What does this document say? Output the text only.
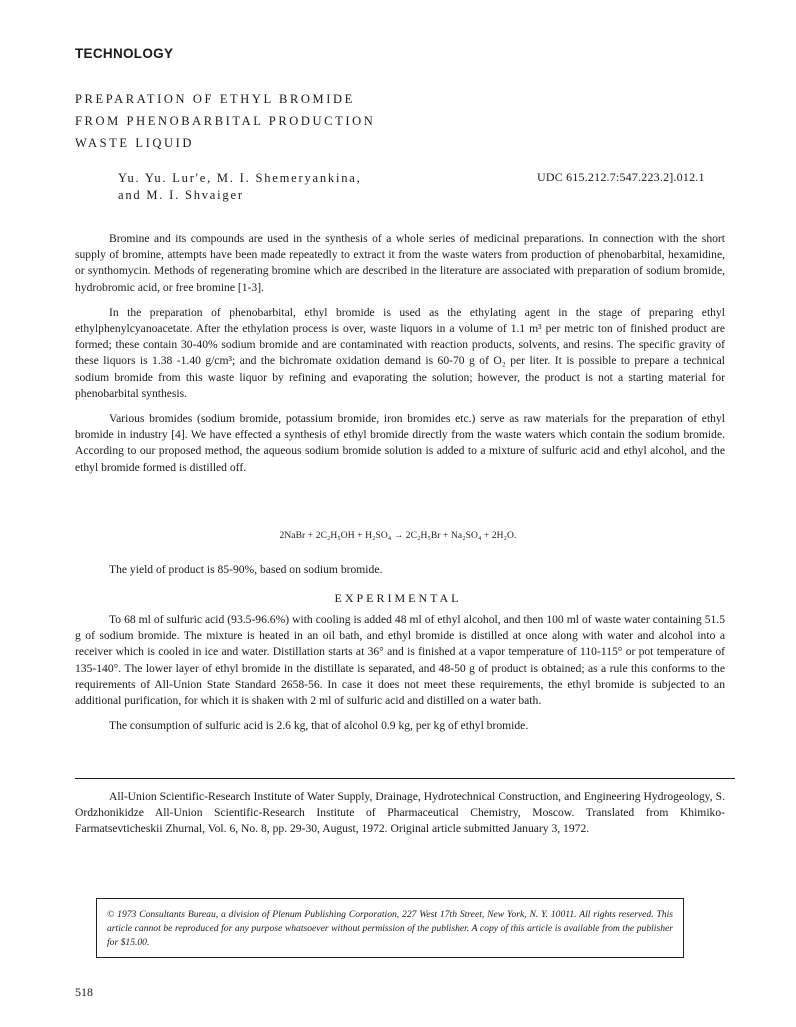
TECHNOLOGY
PREPARATION OF ETHYL BROMIDE
FROM PHENOBARBITAL PRODUCTION
WASTE LIQUID
Yu. Yu. Lur'e, M. I. Shemeryankina,
and M. I. Shvaiger
UDC 615.212.7:547.223.2].012.1

Bromine and its compounds are used in the synthesis of a whole series of medicinal preparations. In connection with the short supply of bromine, attempts have been made repeatedly to extract it from the waste waters from production of phenobarbital, hexamidine, or synthomycin. Methods of regenerating bromine which are described in the literature are associated with preparation of sodium bromide, hydrobromic acid, or free bromine [1-3].

In the preparation of phenobarbital, ethyl bromide is used as the ethylating agent in the stage of preparing ethyl ethylphenylcyanoacetate. After the ethylation process is over, waste liquors in a volume of 1.1 m³ per metric ton of finished product are formed; these contain 30-40% sodium bromide and are contaminated with reaction products, solvents, and resins. The specific gravity of these liquors is 1.38 -1.40 g/cm³; and the bichromate oxidation demand is 60-70 g of O₂ per liter. It is possible to prepare a technical sodium bromide from this waste liquor by refining and evaporating the solution; however, the product is not a starting material for phenobarbital synthesis.

Various bromides (sodium bromide, potassium bromide, iron bromides etc.) serve as raw materials for the preparation of ethyl bromide in industry [4]. We have effected a synthesis of ethyl bromide directly from the waste waters which contain the sodium bromide. According to our proposed method, the aqueous sodium bromide solution is added to a mixture of sulfuric acid and ethyl alcohol, and the ethyl bromide formed is distilled off.

2NaBr + 2C₂H₅OH + H₂SO₄ → 2C₂H₅Br + Na₂SO₄ + 2H₂O.

The yield of product is 85-90%, based on sodium bromide.

EXPERIMENTAL

To 68 ml of sulfuric acid (93.5-96.6%) with cooling is added 48 ml of ethyl alcohol, and then 100 ml of waste water containing 51.5 g of sodium bromide. The mixture is heated in an oil bath, and ethyl bromide is distilled at once along with water and alcohol into a receiver which is cooled in ice and water. Distillation starts at 36° and is finished at a vapor temperature of 110-115° or pot temperature of 135-140°. The lower layer of ethyl bromide in the distillate is separated, and 48-50 g of product is obtained; as a rule this conforms to the requirements of All-Union State Standard 2658-56. In case it does not meet these requirements, the ethyl bromide is subjected to an additional purification, for which it is shaken with 2 ml of sulfuric acid and distilled on a water bath.

The consumption of sulfuric acid is 2.6 kg, that of alcohol 0.9 kg, per kg of ethyl bromide.

All-Union Scientific-Research Institute of Water Supply, Drainage, Hydrotechnical Construction, and Engineering Hydrogeology, S. Ordzhonikidze All-Union Scientific-Research Institute of Pharmaceutical Chemistry, Moscow. Translated from Khimiko-Farmatsevticheskii Zhurnal, Vol. 6, No. 8, pp. 29-30, August, 1972. Original article submitted January 3, 1972.
© 1973 Consultants Bureau, a division of Plenum Publishing Corporation, 227 West 17th Street, New York, N. Y. 10011. All rights reserved. This article cannot be reproduced for any purpose whatsoever without permission of the publisher. A copy of this article is available from the publisher for $15.00.
518
